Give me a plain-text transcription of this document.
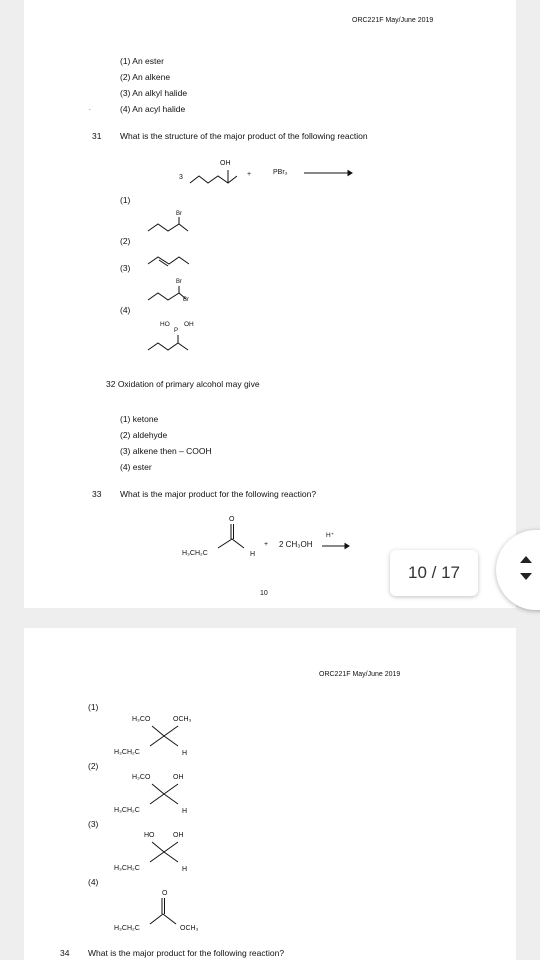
ORC221F May/June 2019
.
(1) An ester
(2) An alkene
(3) An alkyl halide
(4) An acyl halide
31 What is the structure of the major product of the following reaction
3
OH
+	PBr₃ →
(1)
Br
(2)
(3)
Br
Br
(4)
HO
P
OH
32 Oxidation of primary alcohol may give
(1) ketone
(2) aldehyde
(3) alkene then – COOH
(4) ester
33 What is the major product for the following reaction?
O
H₃CH₂C	H
+ 2 CH₃OH
H⁺
10
ORC221F May/June 2019
(1)
H₃CO	OCH₃
H₃CH₂C	H
(2)
H₃CO	OH
H₃CH₂C	H
(3)
HO	OH
H₃CH₂C	H
(4)
O
H₃CH₂C	OCH₃
34 What is the major product for the following reaction?
10 / 17
